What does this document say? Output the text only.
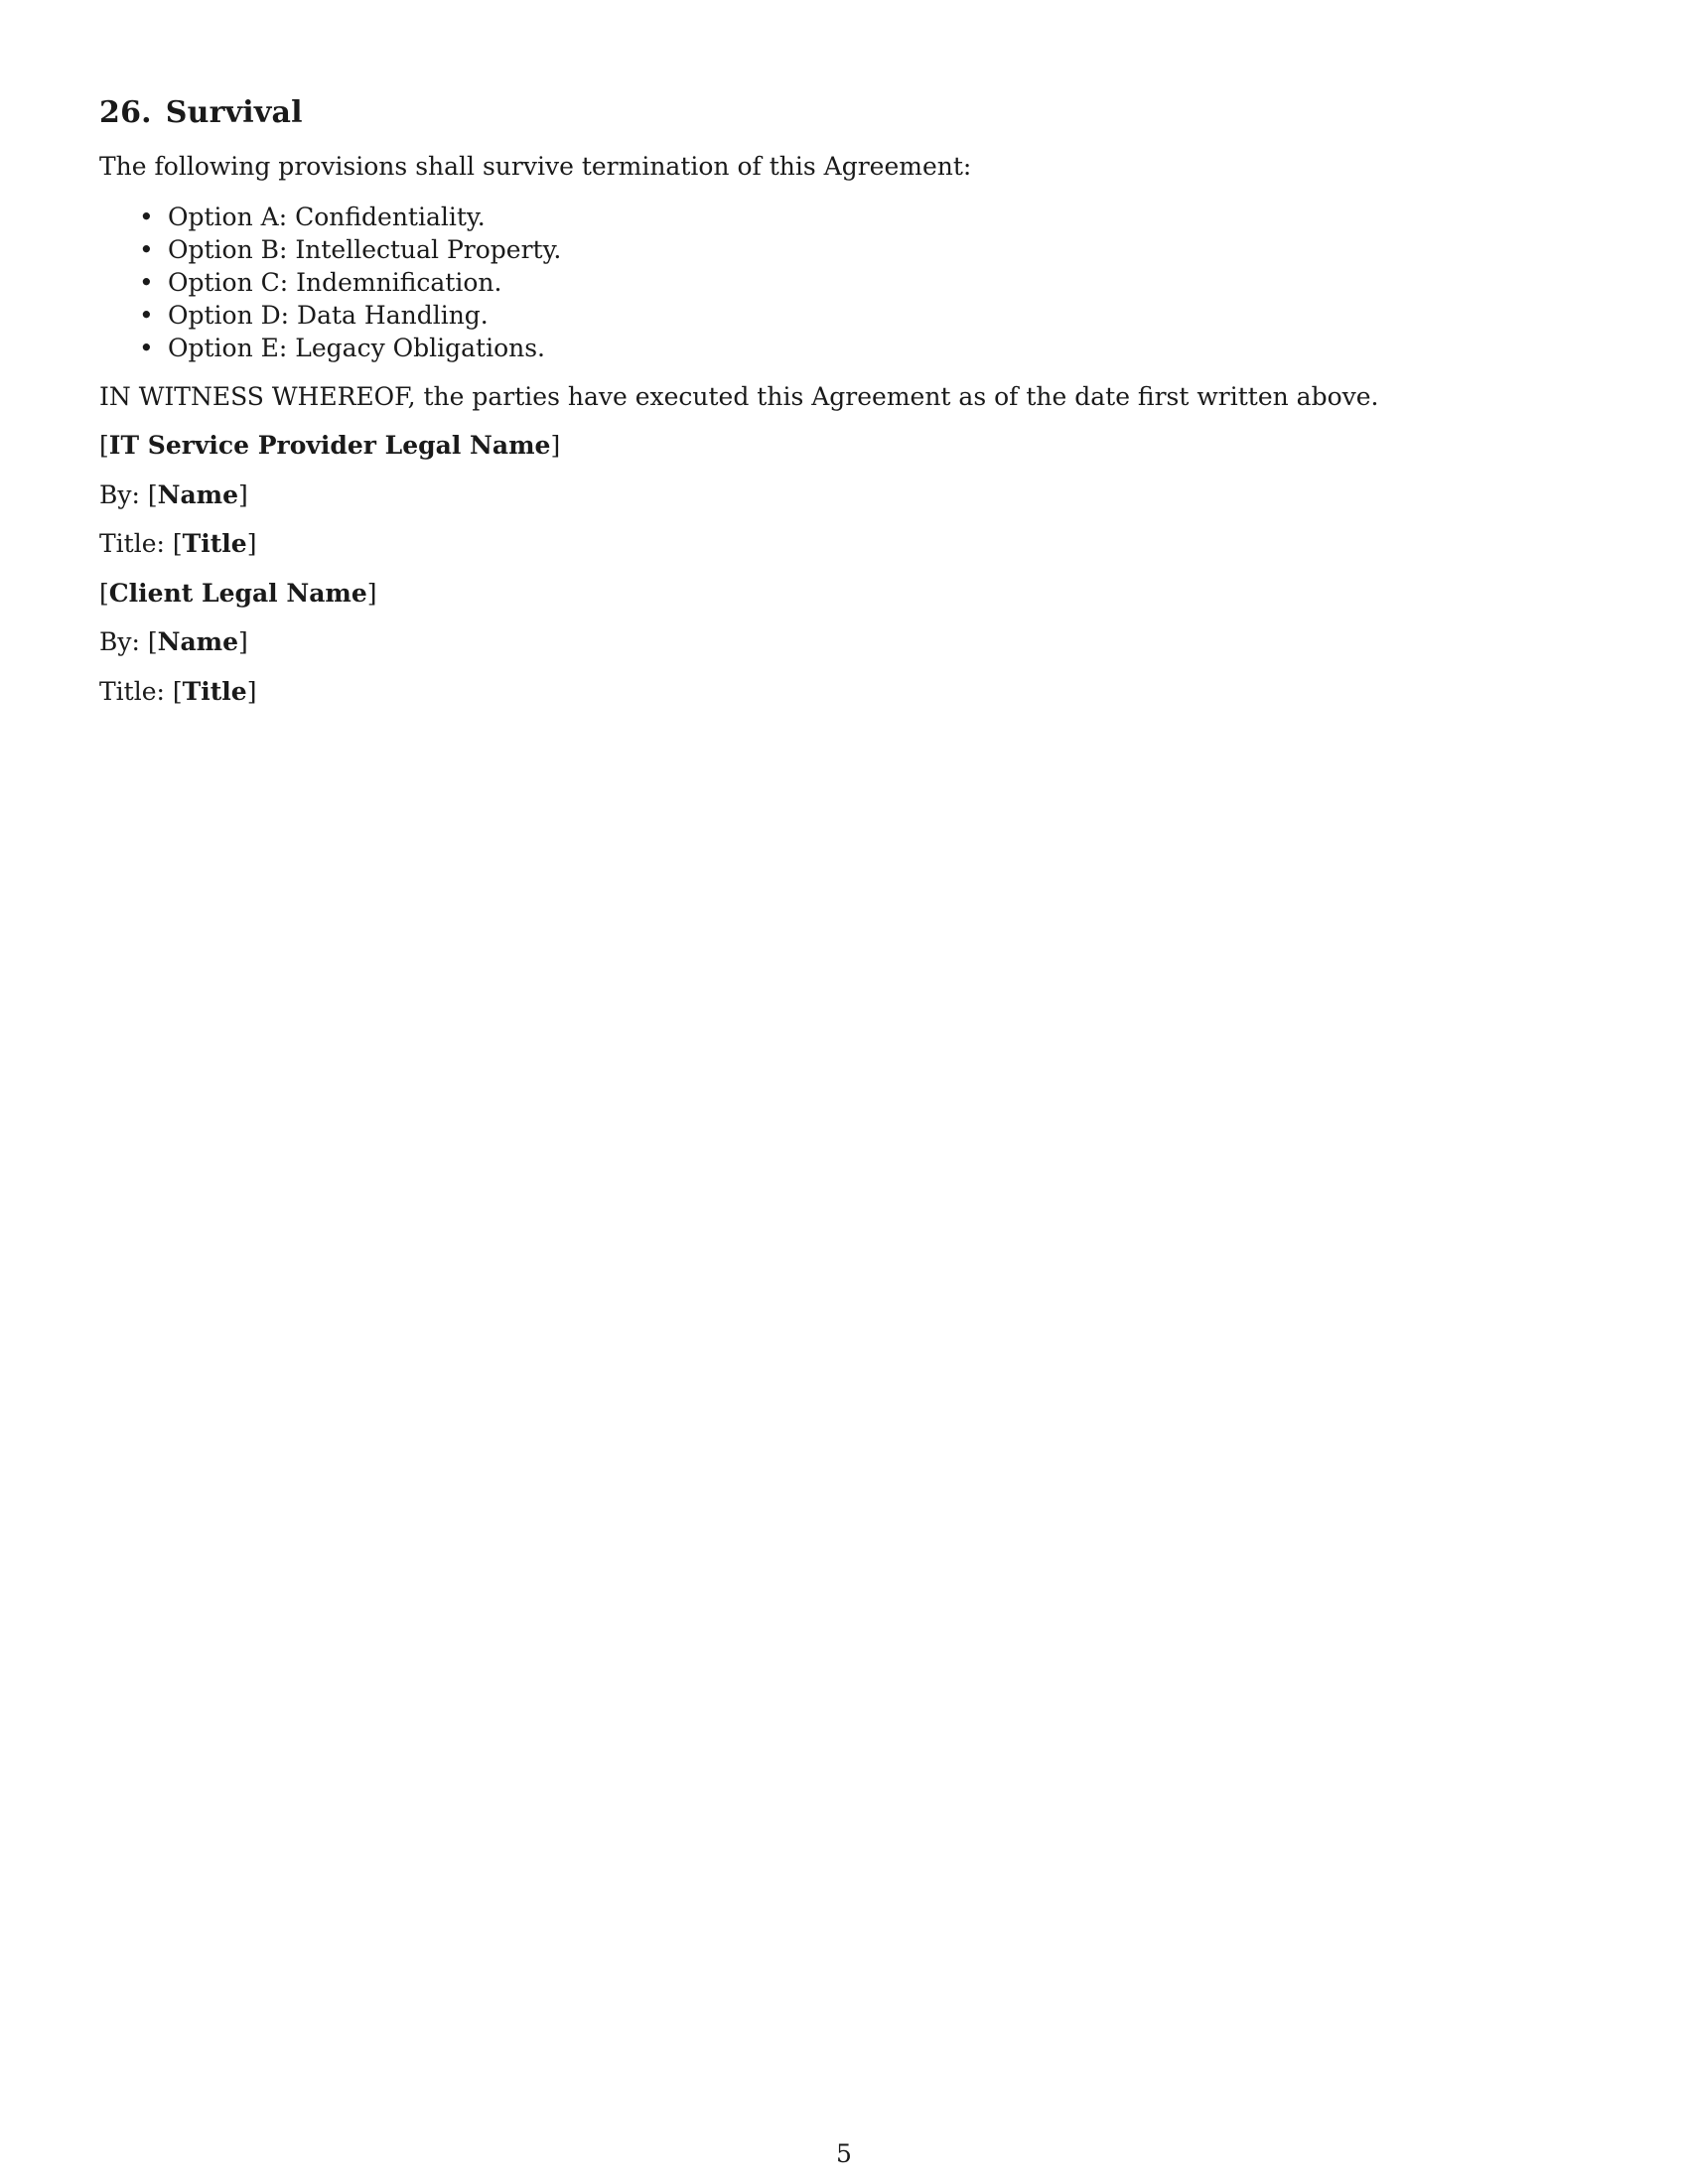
26. Survival

The following provisions shall survive termination of this Agreement:

• Option A: Confidentiality.
• Option B: Intellectual Property.
• Option C: Indemnification.
• Option D: Data Handling.
• Option E: Legacy Obligations.

IN WITNESS WHEREOF, the parties have executed this Agreement as of the date first written above.

[IT Service Provider Legal Name]

By: [Name]

Title: [Title]

[Client Legal Name]

By: [Name]

Title: [Title]

5
